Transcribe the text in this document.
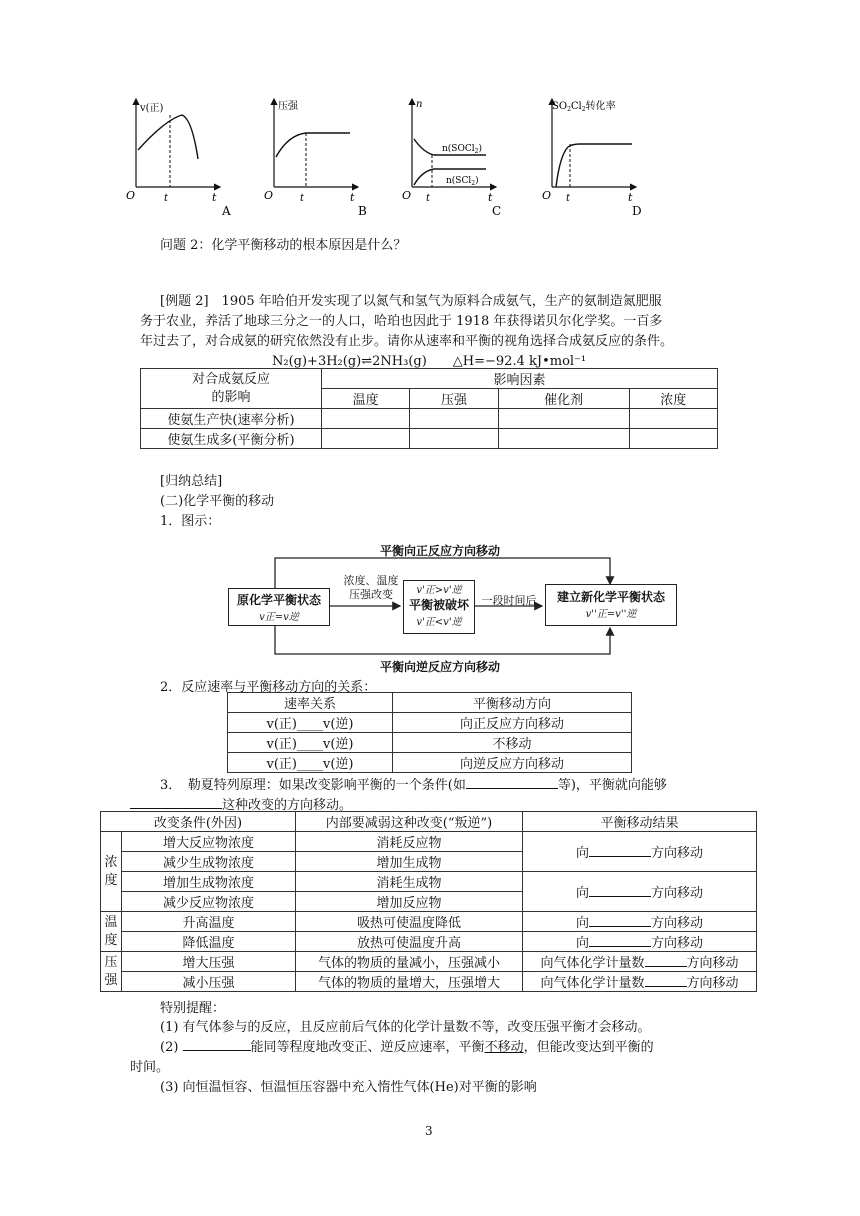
v(正)
O	t	t
A
压强
O	t	t
B
n
n(SOCl$_2$)
n(SCl$_2$)
O t	t
C
$SO_2Cl_2$转化率
O t	t
D
问题 2：化学平衡移动的根本原因是什么？
[例题 2]　1905 年哈伯开发实现了以氮气和氢气为原料合成氨气，生产的氨制造氮肥服
务于农业，养活了地球三分之一的人口，哈珀也因此于 1918 年获得诺贝尔化学奖。一百多
年过去了，对合成氨的研究依然没有止步。请你从速率和平衡的视角选择合成氨反应的条件。
N₂(g)+3H₂(g)⇌2NH₃(g)　　△H=−92.4 kJ•mol⁻¹
对合成氨反应
的影响	影响因素			
	温度	压强	催化剂	浓度
使氨生产快(速率分析)				
使氨生成多(平衡分析)				
[归纳总结]
(二)化学平衡的移动
1．图示：
平衡向正反应方向移动
平衡向逆反应方向移动
原化学平衡状态
v正=v逆
浓度、温度
压强改变	v'正>v'逆
平衡被破坏
v'正<v'逆
一段时间后	建立新化学平衡状态
v''正=v''逆
2．反应速率与平衡移动方向的关系：
速率关系	平衡移动方向
v(正)____v(逆)	向正反应方向移动
v(正)____v(逆)	不移动
v(正)____v(逆)	向逆反应方向移动
3．　勒夏特列原理：如果改变影响平衡的一个条件(如	等)，平衡就向能够
这种改变的方向移动。
改变条件(外因)		内部要减弱这种改变(“叛逆”)	平衡移动结果
浓度	增大反应物浓度	消耗反应物	向 方向移动
	减少生成物浓度	增加生成物	
	增加生成物浓度	消耗生成物	向 方向移动
	减少反应物浓度	增加反应物	
温度	升高温度	吸热可使温度降低	向 方向移动
	降低温度	放热可使温度升高	向 方向移动
压强	增大压强	气体的物质的量减小，压强减小	向气体化学计量数 方向移动
	减小压强	气体的物质的量增大，压强增大	向气体化学计量数 方向移动
特别提醒：
(1) 有气体参与的反应，且反应前后气体的化学计量数不等，改变压强平衡才会移动。
(2)	能同等程度地改变正、逆反应速率，平衡不移动，但能改变达到平衡的
时间。
(3) 向恒温恒容、恒温恒压容器中充入惰性气体(He)对平衡的影响
3
